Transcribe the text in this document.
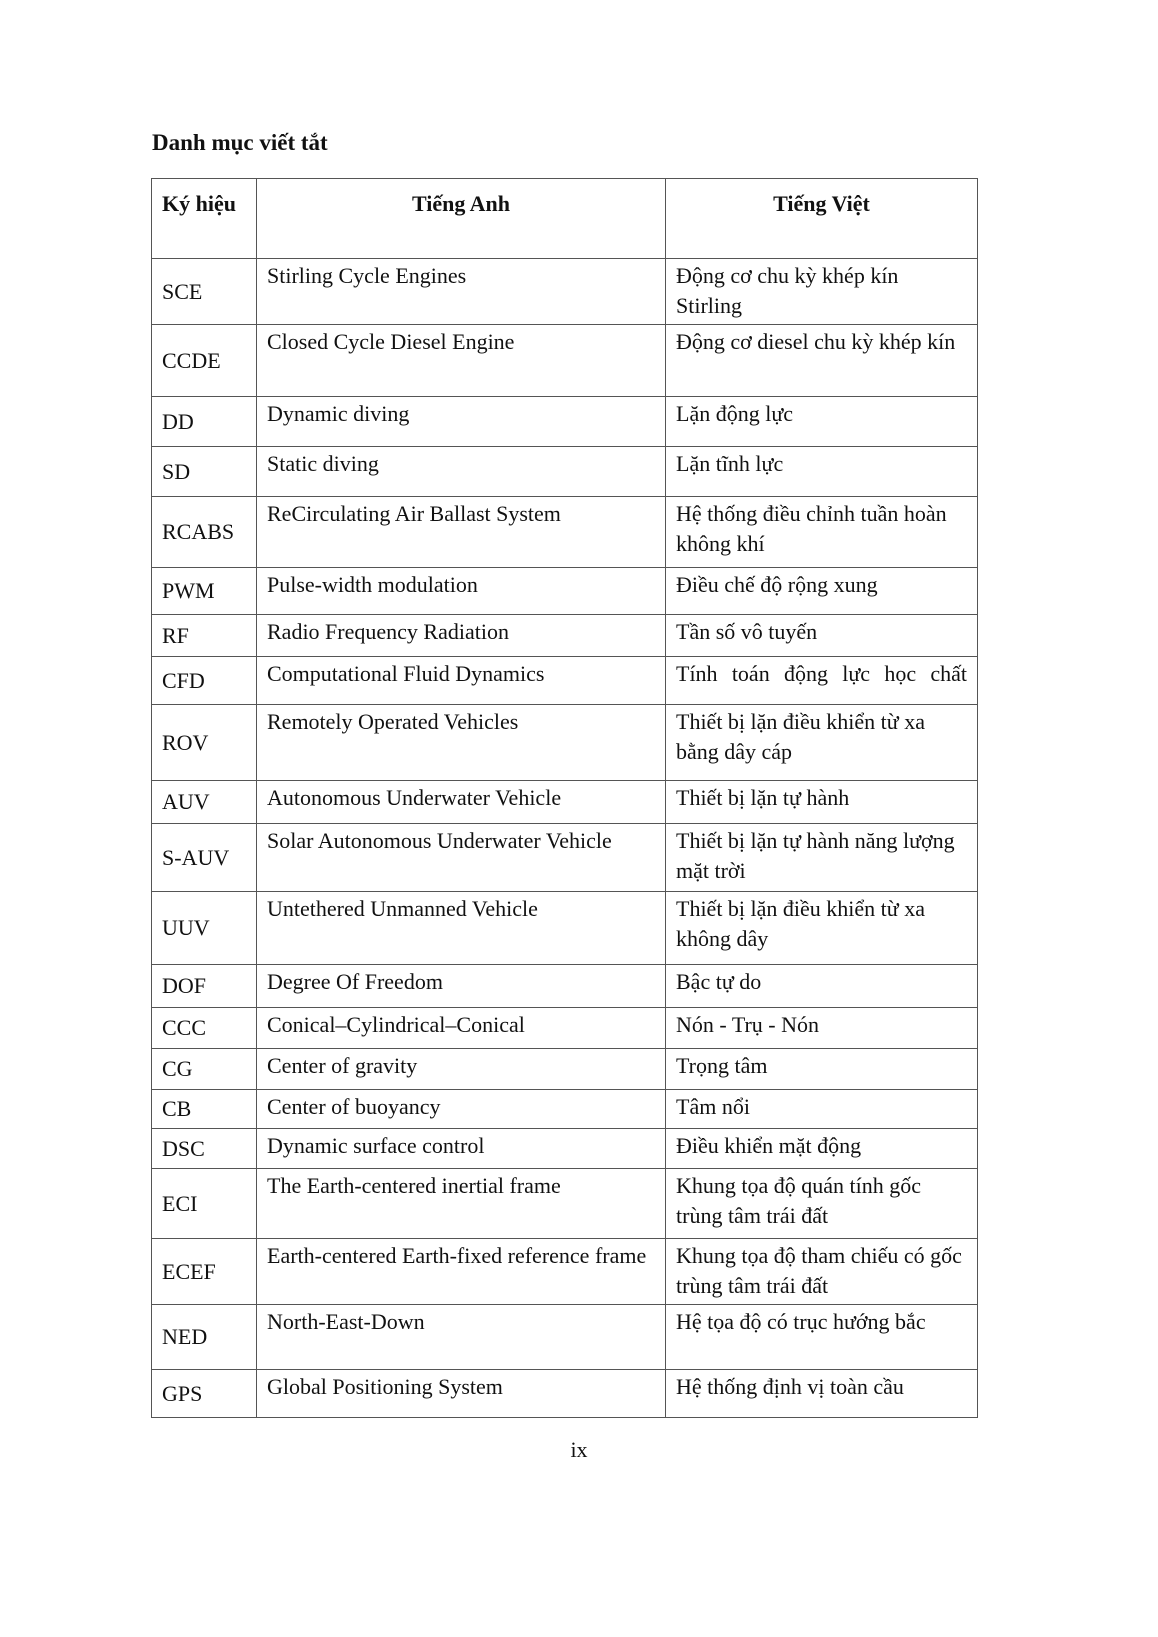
Danh mục viết tắt
Ký hiệu	Tiếng Anh	Tiếng Việt
SCE	Stirling Cycle Engines	Động cơ chu kỳ khép kín Stirling
CCDE	Closed Cycle Diesel Engine	Động cơ diesel chu kỳ khép kín
DD	Dynamic diving	Lặn động lực
SD	Static diving	Lặn tĩnh lực
RCABS	ReCirculating Air Ballast System	Hệ thống điều chỉnh tuần hoàn không khí
PWM	Pulse-width modulation	Điều chế độ rộng xung
RF	Radio Frequency Radiation	Tần số vô tuyến
CFD	Computational Fluid Dynamics	Tính toán động lực học chất
ROV	Remotely Operated Vehicles	Thiết bị lặn điều khiển từ xa bằng dây cáp
AUV	Autonomous Underwater Vehicle	Thiết bị lặn tự hành
S-AUV	Solar Autonomous Underwater Vehicle	Thiết bị lặn tự hành năng lượng mặt trời
UUV	Untethered Unmanned Vehicle	Thiết bị lặn điều khiển từ xa không dây
DOF	Degree Of Freedom	Bậc tự do
CCC	Conical–Cylindrical–Conical	Nón - Trụ - Nón
CG	Center of gravity	Trọng tâm
CB	Center of buoyancy	Tâm nổi
DSC	Dynamic surface control	Điều khiển mặt động
ECI	The Earth-centered inertial frame	Khung tọa độ quán tính gốc trùng tâm trái đất
ECEF	Earth-centered Earth-fixed reference frame	Khung tọa độ tham chiếu có gốc trùng tâm trái đất
NED	North-East-Down	Hệ tọa độ có trục hướng bắc
GPS	Global Positioning System	Hệ thống định vị toàn cầu
ix
